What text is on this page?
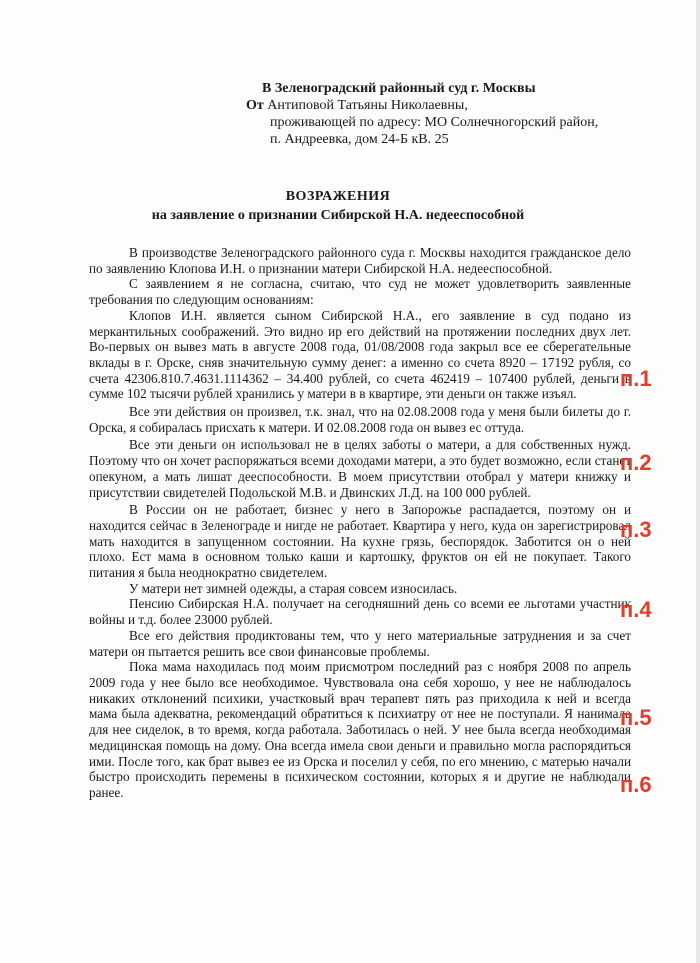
В Зеленоградский районный суд г. Москвы
От Антиповой Татьяны Николаевны,
проживающей по адресу: МО Солнечногорский район,
п. Андреевка, дом 24-Б кВ. 25
ВОЗРАЖЕНИЯ
на заявление о признании Сибирской Н.А. недееспособной

В производстве Зеленоградского районного суда г. Москвы находится гражданское дело по заявлению Клопова И.Н. о признании матери Сибирской Н.А. недееспособной.

С заявлением я не согласна, считаю, что суд не может удовлетворить заявленные требования по следующим основаниям:

Клопов И.Н. является сыном Сибирской Н.А., его заявление в суд подано из меркантильных соображений. Это видно ир его действий на протяжении последних двух лет. Во-первых он вывез мать в августе 2008 года, 01/08/2008 года закрыл все ее сберегательные вклады в г. Орске, сняв значительную сумму денег: а именно со счета 8920 – 17192 рубля, со счета 42306.810.7.4631.1114362 – 34.400 рублей, со счета 462419 – 107400 рублей, деньги в сумме 102 тысячи рублей хранились у матери в в квартире, эти деньги он также изъял.

Все эти действия он произвел, т.к. знал, что на 02.08.2008 года у меня были билеты до г. Орска, я собиралась присхать к матери. И 02.08.2008 года он вывез ес оттуда.

Все эти деньги он использовал не в целях заботы о матери, а для собственных нужд. Поэтому что он хочет распоряжаться всеми доходами матери, а это будет возможно, если станет опекуном, а мать лишат дееспособности. В моем присутствии отобрал у матери книжку и присутствии свидетелей Подольской М.В. и Двинских Л.Д. на 100 000 рублей.

В России он не работает, бизнес у него в Запорожье распадается, поэтому он и находится сейчас в Зеленограде и нигде не работает. Квартира у него, куда он зарегистрировал мать находится в запущенном состоянии. На кухне грязь, беспорядок. Заботится он о ней плохо. Ест мама в основном только каши и картошку, фруктов он ей не покупает. Такого питания я была неоднократно свидетелем.

У матери нет зимней одежды, а старая совсем износилась.

Пенсию Сибирская Н.А. получает на сегодняшний день со всеми ее льготами участник войны и т.д. более 23000 рублей.

Все его действия продиктованы тем, что у него материальные затруднения и за счет матери он пытается решить все свои финансовые проблемы.

Пока мама находилась под моим присмотром последний раз с ноября 2008 по апрель 2009 года у нее было все необходимое. Чувствовала она себя хорошо, у нее не наблюдалось никаких отклонений психики, участковый врач терапевт пять раз приходила к ней и всегда мама была адекватна, рекомендаций обратиться к психиатру от нее не поступали. Я нанимала для нее сиделок, в то время, когда работала. Заботилась о ней. У нее была всегда необходимая медицинская помощь на дому. Она всегда имела свои деньги и правильно могла распорядиться ими. После того, как брат вывез ее из Орска и поселил у себя, по его мнению, с матерью начали быстро происходить перемены в психическом состоянии, которых я и другие не наблюдали ранее.

п.1
п.2
п.3
п.4
п.5
п.6
